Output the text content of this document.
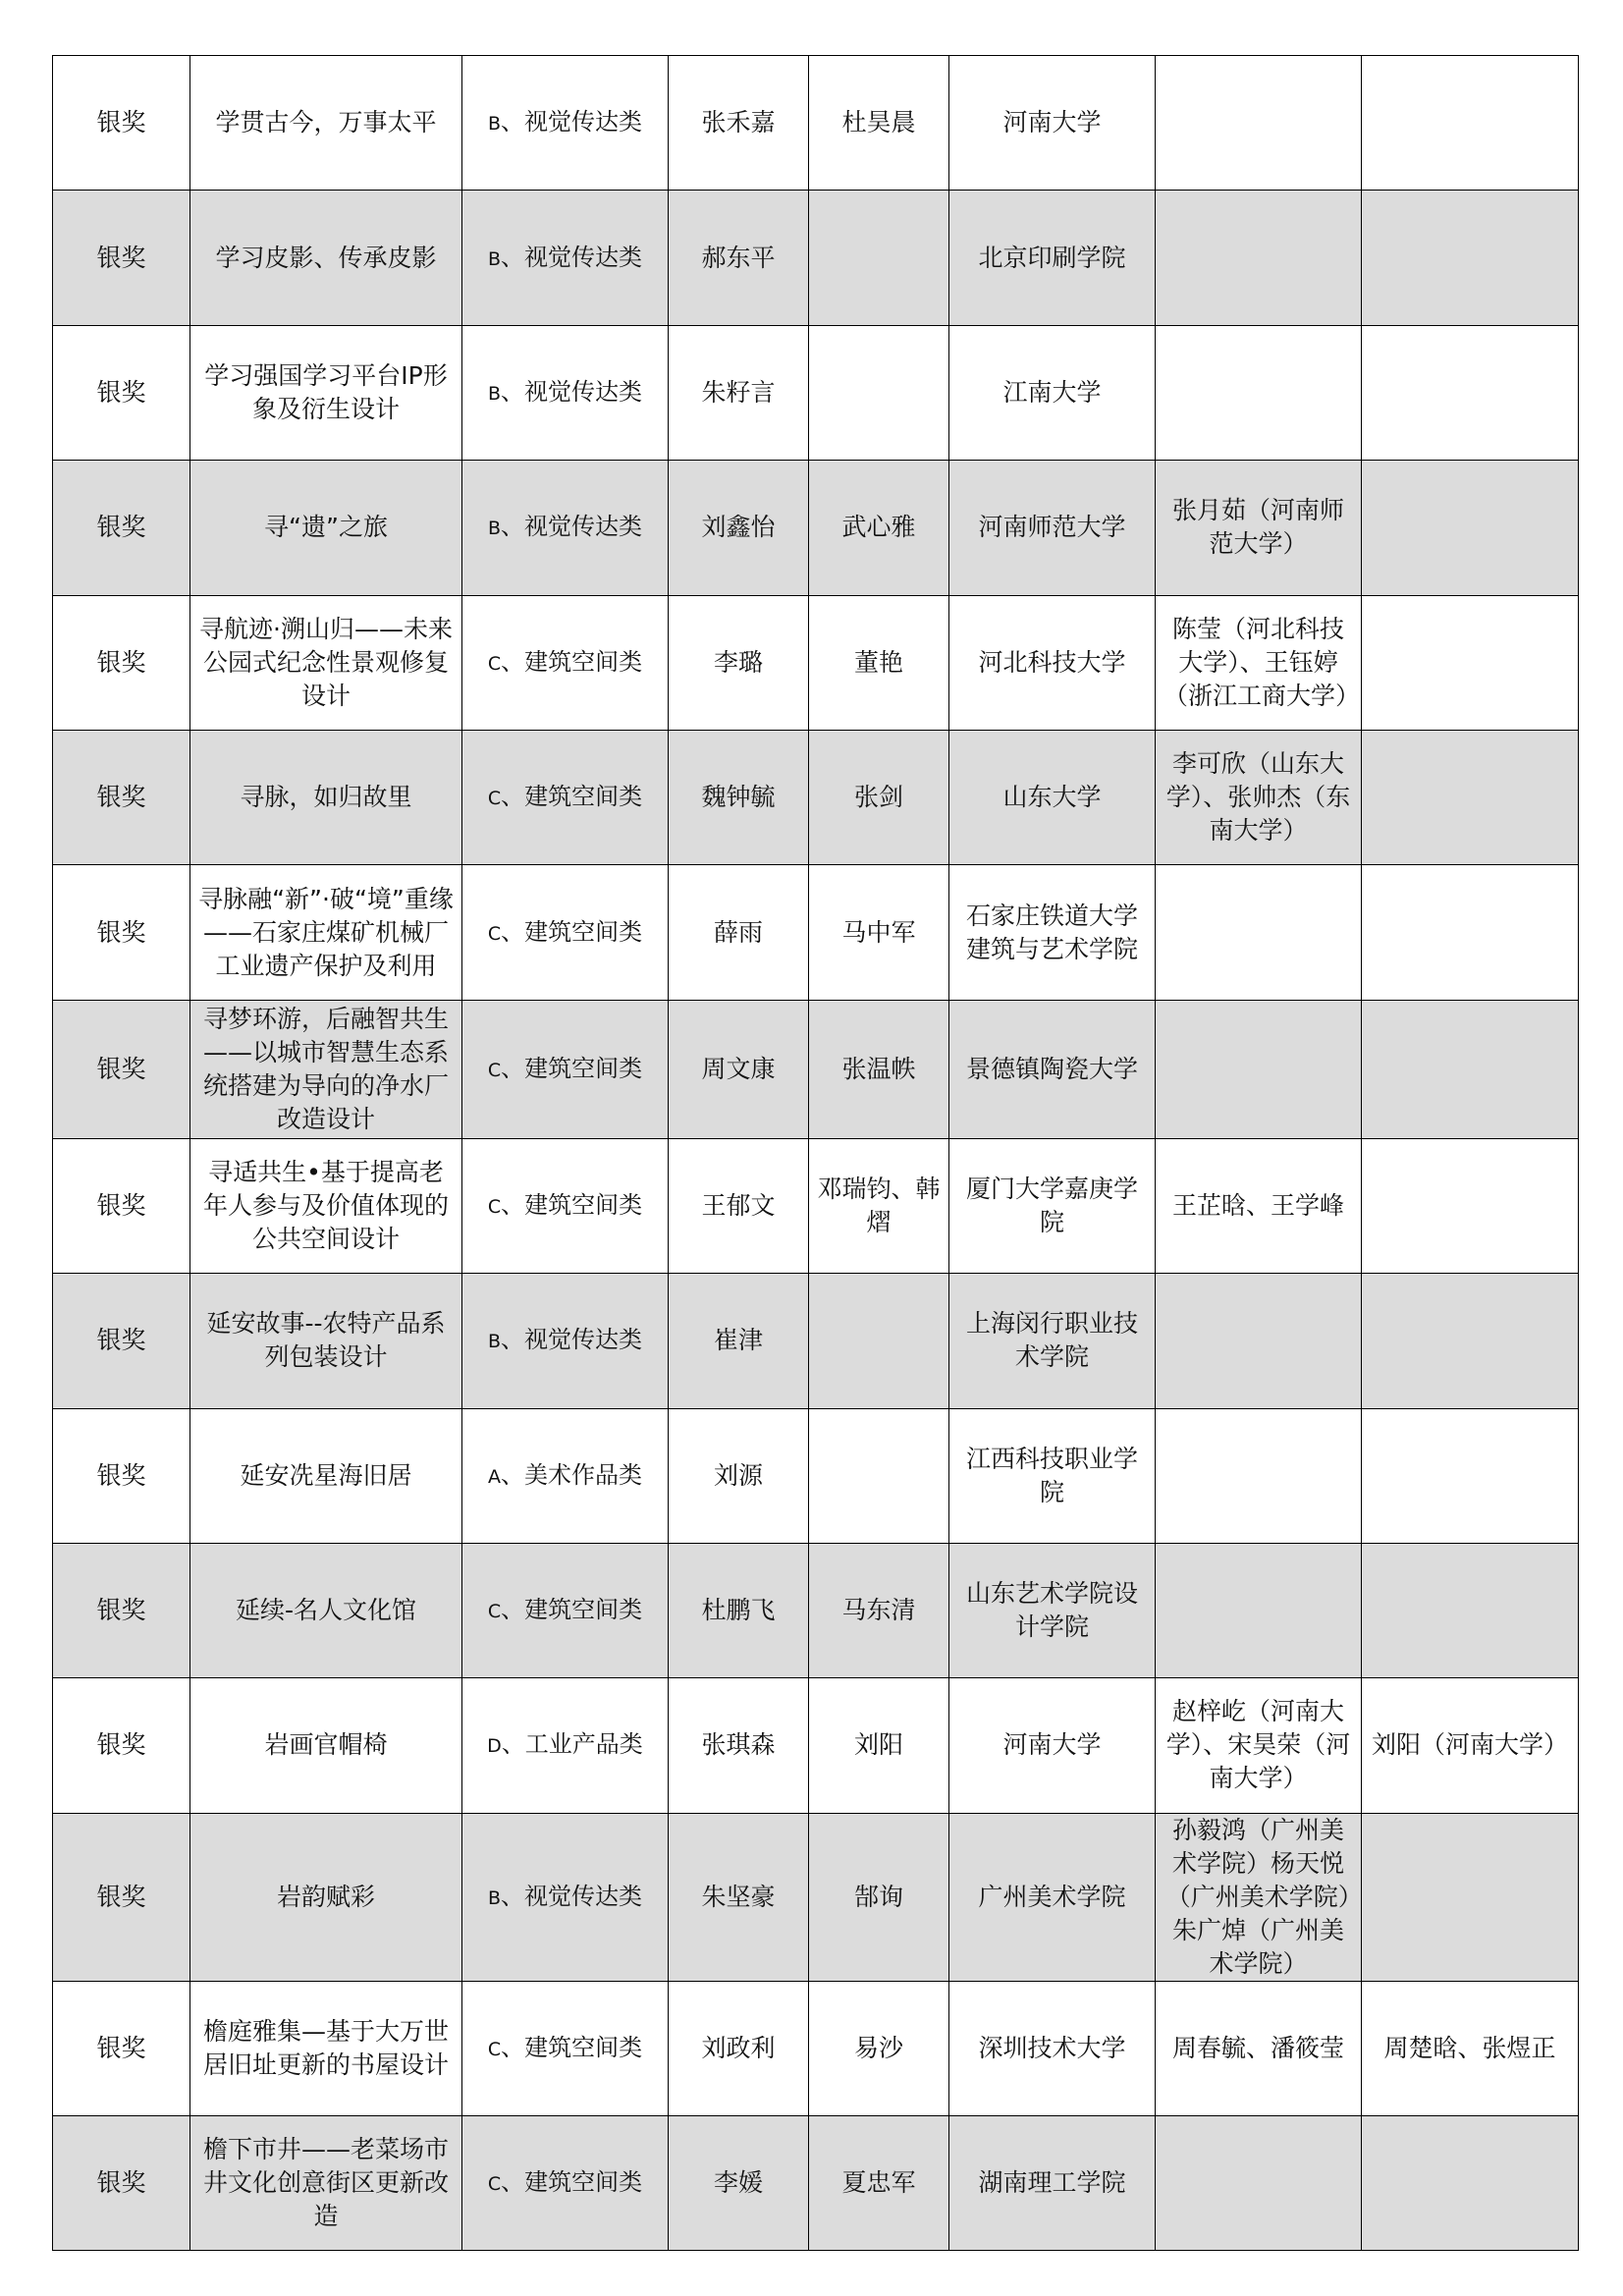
银奖	学贯古今，万事太平	B、视觉传达类	张禾嘉	杜昊晨	河南大学		
银奖	学习皮影、传承皮影	B、视觉传达类	郝东平		北京印刷学院		
银奖	学习强国学习平台IP形象及衍生设计	B、视觉传达类	朱籽言		江南大学		
银奖	寻“遗”之旅	B、视觉传达类	刘鑫怡	武心雅	河南师范大学	张月茹（河南师范大学）	
银奖	寻航迹·溯山归——未来公园式纪念性景观修复设计	C、建筑空间类	李璐	董艳	河北科技大学	陈莹（河北科技大学）、王钰婷（浙江工商大学）	
银奖	寻脉，如归故里	C、建筑空间类	魏钟毓	张剑	山东大学	李可欣（山东大学）、张帅杰（东南大学）	
银奖	寻脉融“新”·破“境”重缘——石家庄煤矿机械厂工业遗产保护及利用	C、建筑空间类	薛雨	马中军	石家庄铁道大学建筑与艺术学院		
银奖	寻梦环游，后融智共生——以城市智慧生态系统搭建为导向的净水厂改造设计	C、建筑空间类	周文康	张温帙	景德镇陶瓷大学		
银奖	寻适共生•基于提高老年人参与及价值体现的公共空间设计	C、建筑空间类	王郁文	邓瑞钧、韩熠	厦门大学嘉庚学院	王芷晗、王学峰	
银奖	延安故事--农特产品系列包装设计	B、视觉传达类	崔津		上海闵行职业技术学院		
银奖	延安冼星海旧居	A、美术作品类	刘源		江西科技职业学院		
银奖	延续-名人文化馆	C、建筑空间类	杜鹏飞	马东清	山东艺术学院设计学院		
银奖	岩画官帽椅	D、工业产品类	张琪森	刘阳	河南大学	赵梓屹（河南大学）、宋昊荣（河南大学）	刘阳（河南大学）
银奖	岩韵赋彩	B、视觉传达类	朱坚豪	郜询	广州美术学院	孙毅鸿（广州美术学院）杨天悦（广州美术学院）朱广焯（广州美术学院）	
银奖	檐庭雅集—基于大万世居旧址更新的书屋设计	C、建筑空间类	刘政利	易沙	深圳技术大学	周春毓、潘筱莹	周楚晗、张煜正
银奖	檐下市井——老菜场市井文化创意街区更新改造	C、建筑空间类	李媛	夏忠军	湖南理工学院		
